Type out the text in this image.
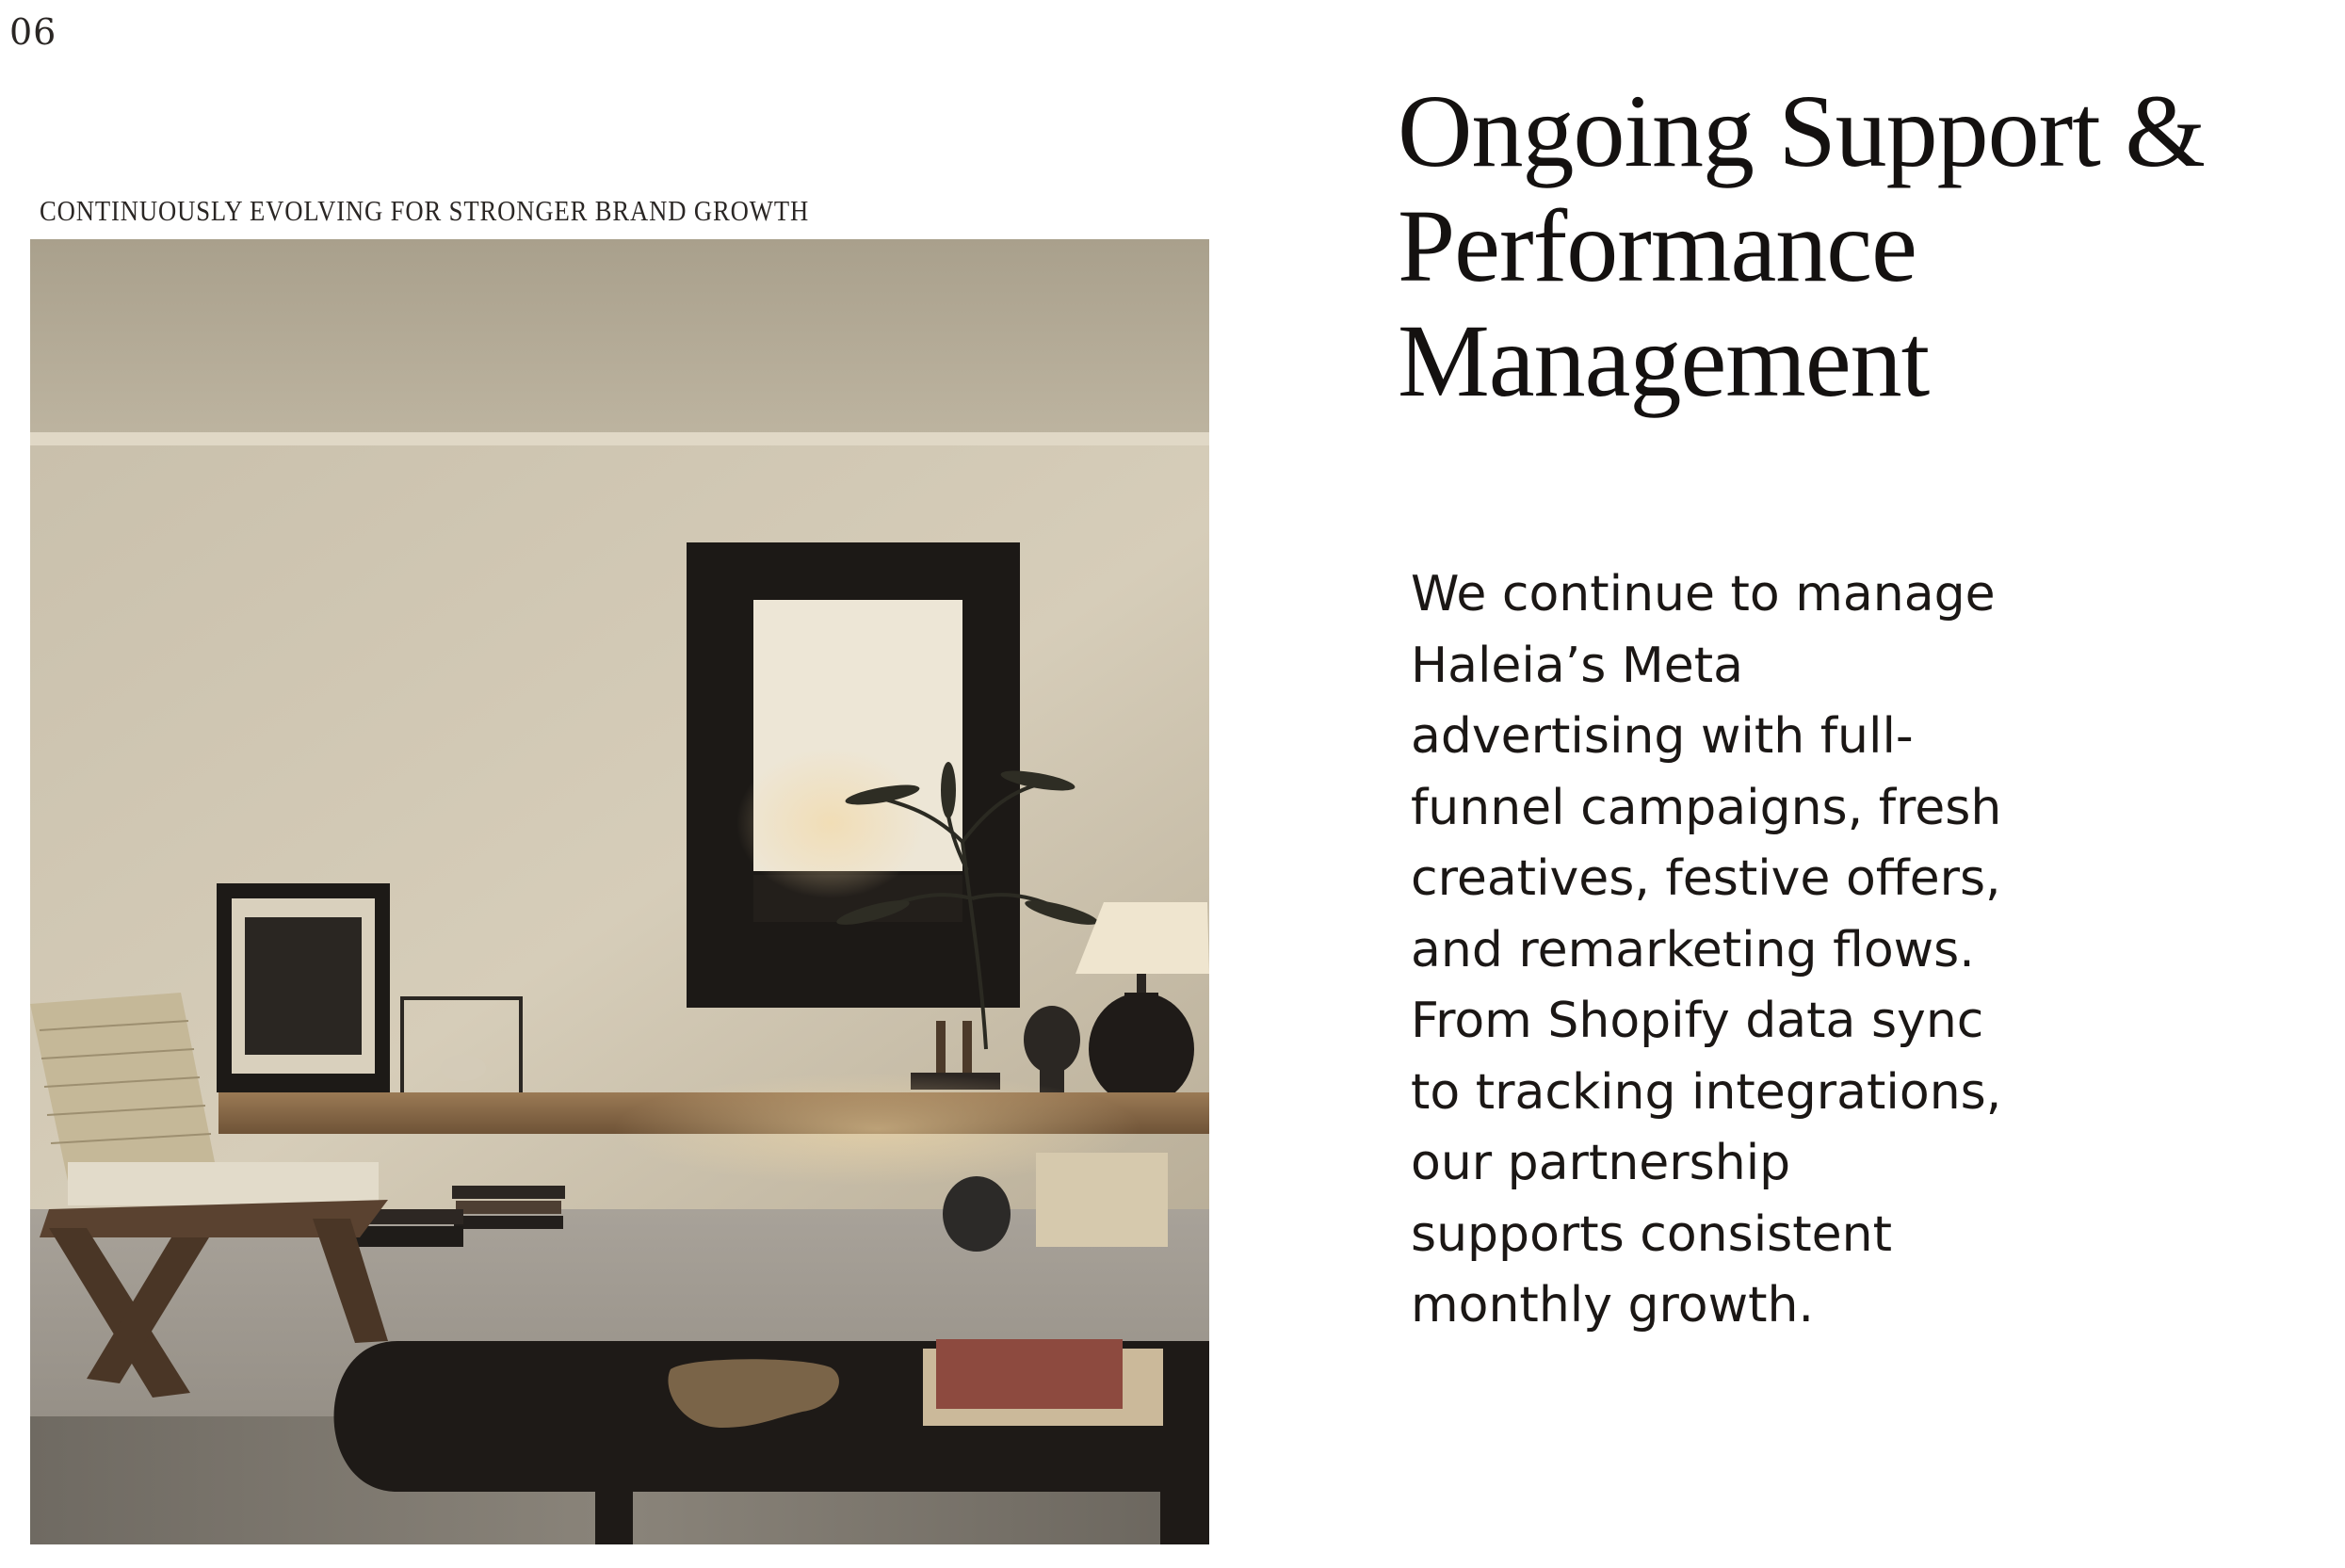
06
CONTINUOUSLY EVOLVING FOR STRONGER BRAND GROWTH
Ongoing Support &
Performance
Management

We continue to manage
Haleia’s Meta
advertising with full-
funnel campaigns, fresh
creatives, festive offers,
and remarketing flows.
From Shopify data sync
to tracking integrations,
our partnership
supports consistent
monthly growth.
